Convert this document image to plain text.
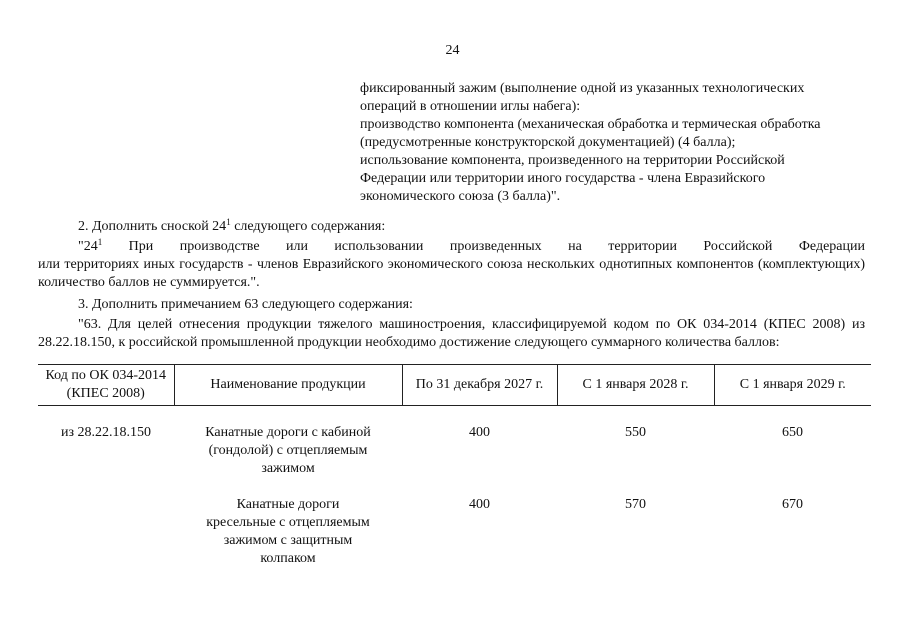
24
фиксированный зажим (выполнение одной из указанных технологических
операций в отношении иглы набега):
производство компонента (механическая обработка и термическая обработка
(предусмотренные конструкторской документацией) (4 балла);
использование компонента, произведенного на территории Российской
Федерации или территории иного государства - члена Евразийского
экономического союза (3 балла)".
2. Дополнить сноской $24^1$ следующего содержания:
"$24^1$ При производстве или использовании произведенных на территории Российской Федерации
или территориях иных государств - членов Евразийского экономического союза нескольких однотипных компонентов (комплектующих) количество баллов не суммируется.".
3. Дополнить примечанием 63 следующего содержания:
"63. Для целей отнесения продукции тяжелого машиностроения, классифицируемой кодом по ОК 034-2014 (КПЕС 2008) из 28.22.18.150, к российской промышленной продукции необходимо достижение следующего суммарного количества баллов:
Код по ОК 034-2014 (КПЕС 2008)	Наименование продукции	По 31 декабря 2027 г.	С 1 января 2028 г.	С 1 января 2029 г.
из 28.22.18.150	Канатные дороги с кабиной (гондолой) с отцепляемым зажимом	400	550	650
	Канатные дороги кресельные с отцепляемым зажимом с защитным колпаком	400	570	670
